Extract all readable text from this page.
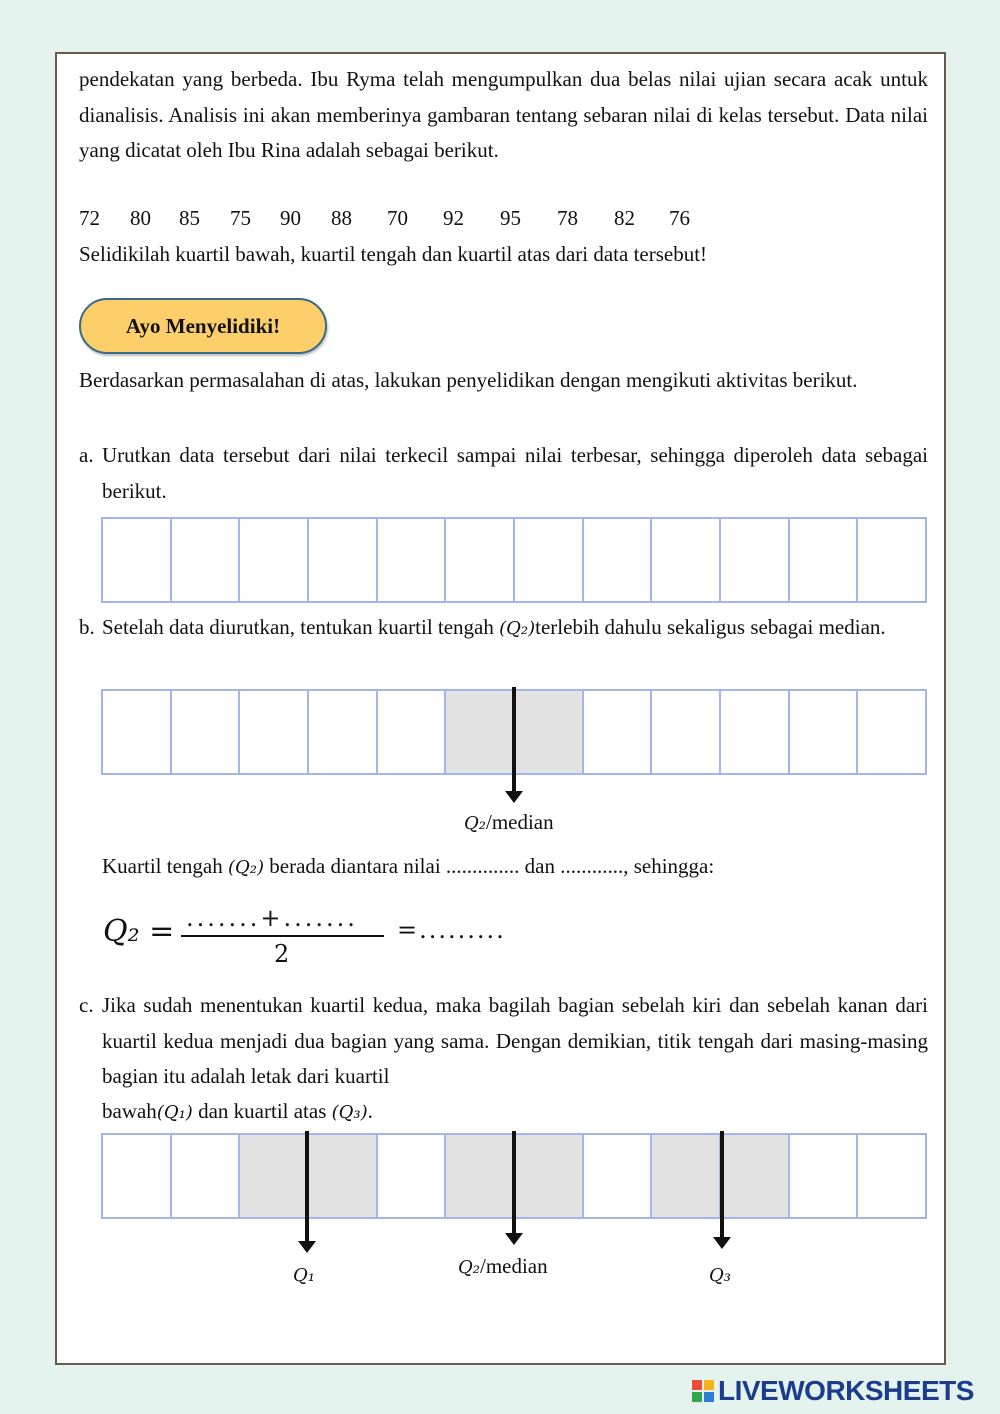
pendekatan yang berbeda. Ibu Ryma telah mengumpulkan dua belas nilai ujian secara acak untuk dianalisis. Analisis ini akan memberinya gambaran tentang sebaran nilai di kelas tersebut. Data nilai yang dicatat oleh Ibu Rina adalah sebagai berikut.
72 80 85 75 90 88 70 92 95 78 82 76
Selidikilah kuartil bawah, kuartil tengah dan kuartil atas dari data tersebut!
Ayo Menyelidiki!
Berdasarkan permasalahan di atas, lakukan penyelidikan dengan mengikuti aktivitas berikut.
a. Urutkan data tersebut dari nilai terkecil sampai nilai terbesar, sehingga diperoleh data sebagai berikut.
b. Setelah data diurutkan, tentukan kuartil tengah (Q₂)terlebih dahulu sekaligus sebagai median.
Q₂/median
Kuartil tengah (Q₂) berada diantara nilai .............. dan ............, sehingga:
Q₂ = .......+.......
2
=.........
c. Jika sudah menentukan kuartil kedua, maka bagilah bagian sebelah kiri dan sebelah kanan dari kuartil kedua menjadi dua bagian yang sama. Dengan demikian, titik tengah dari masing-masing bagian itu adalah letak dari kuartil
bawah(Q₁) dan kuartil atas (Q₃).
Q₁	Q₂/median	Q₃
LIVEWORKSHEETS
